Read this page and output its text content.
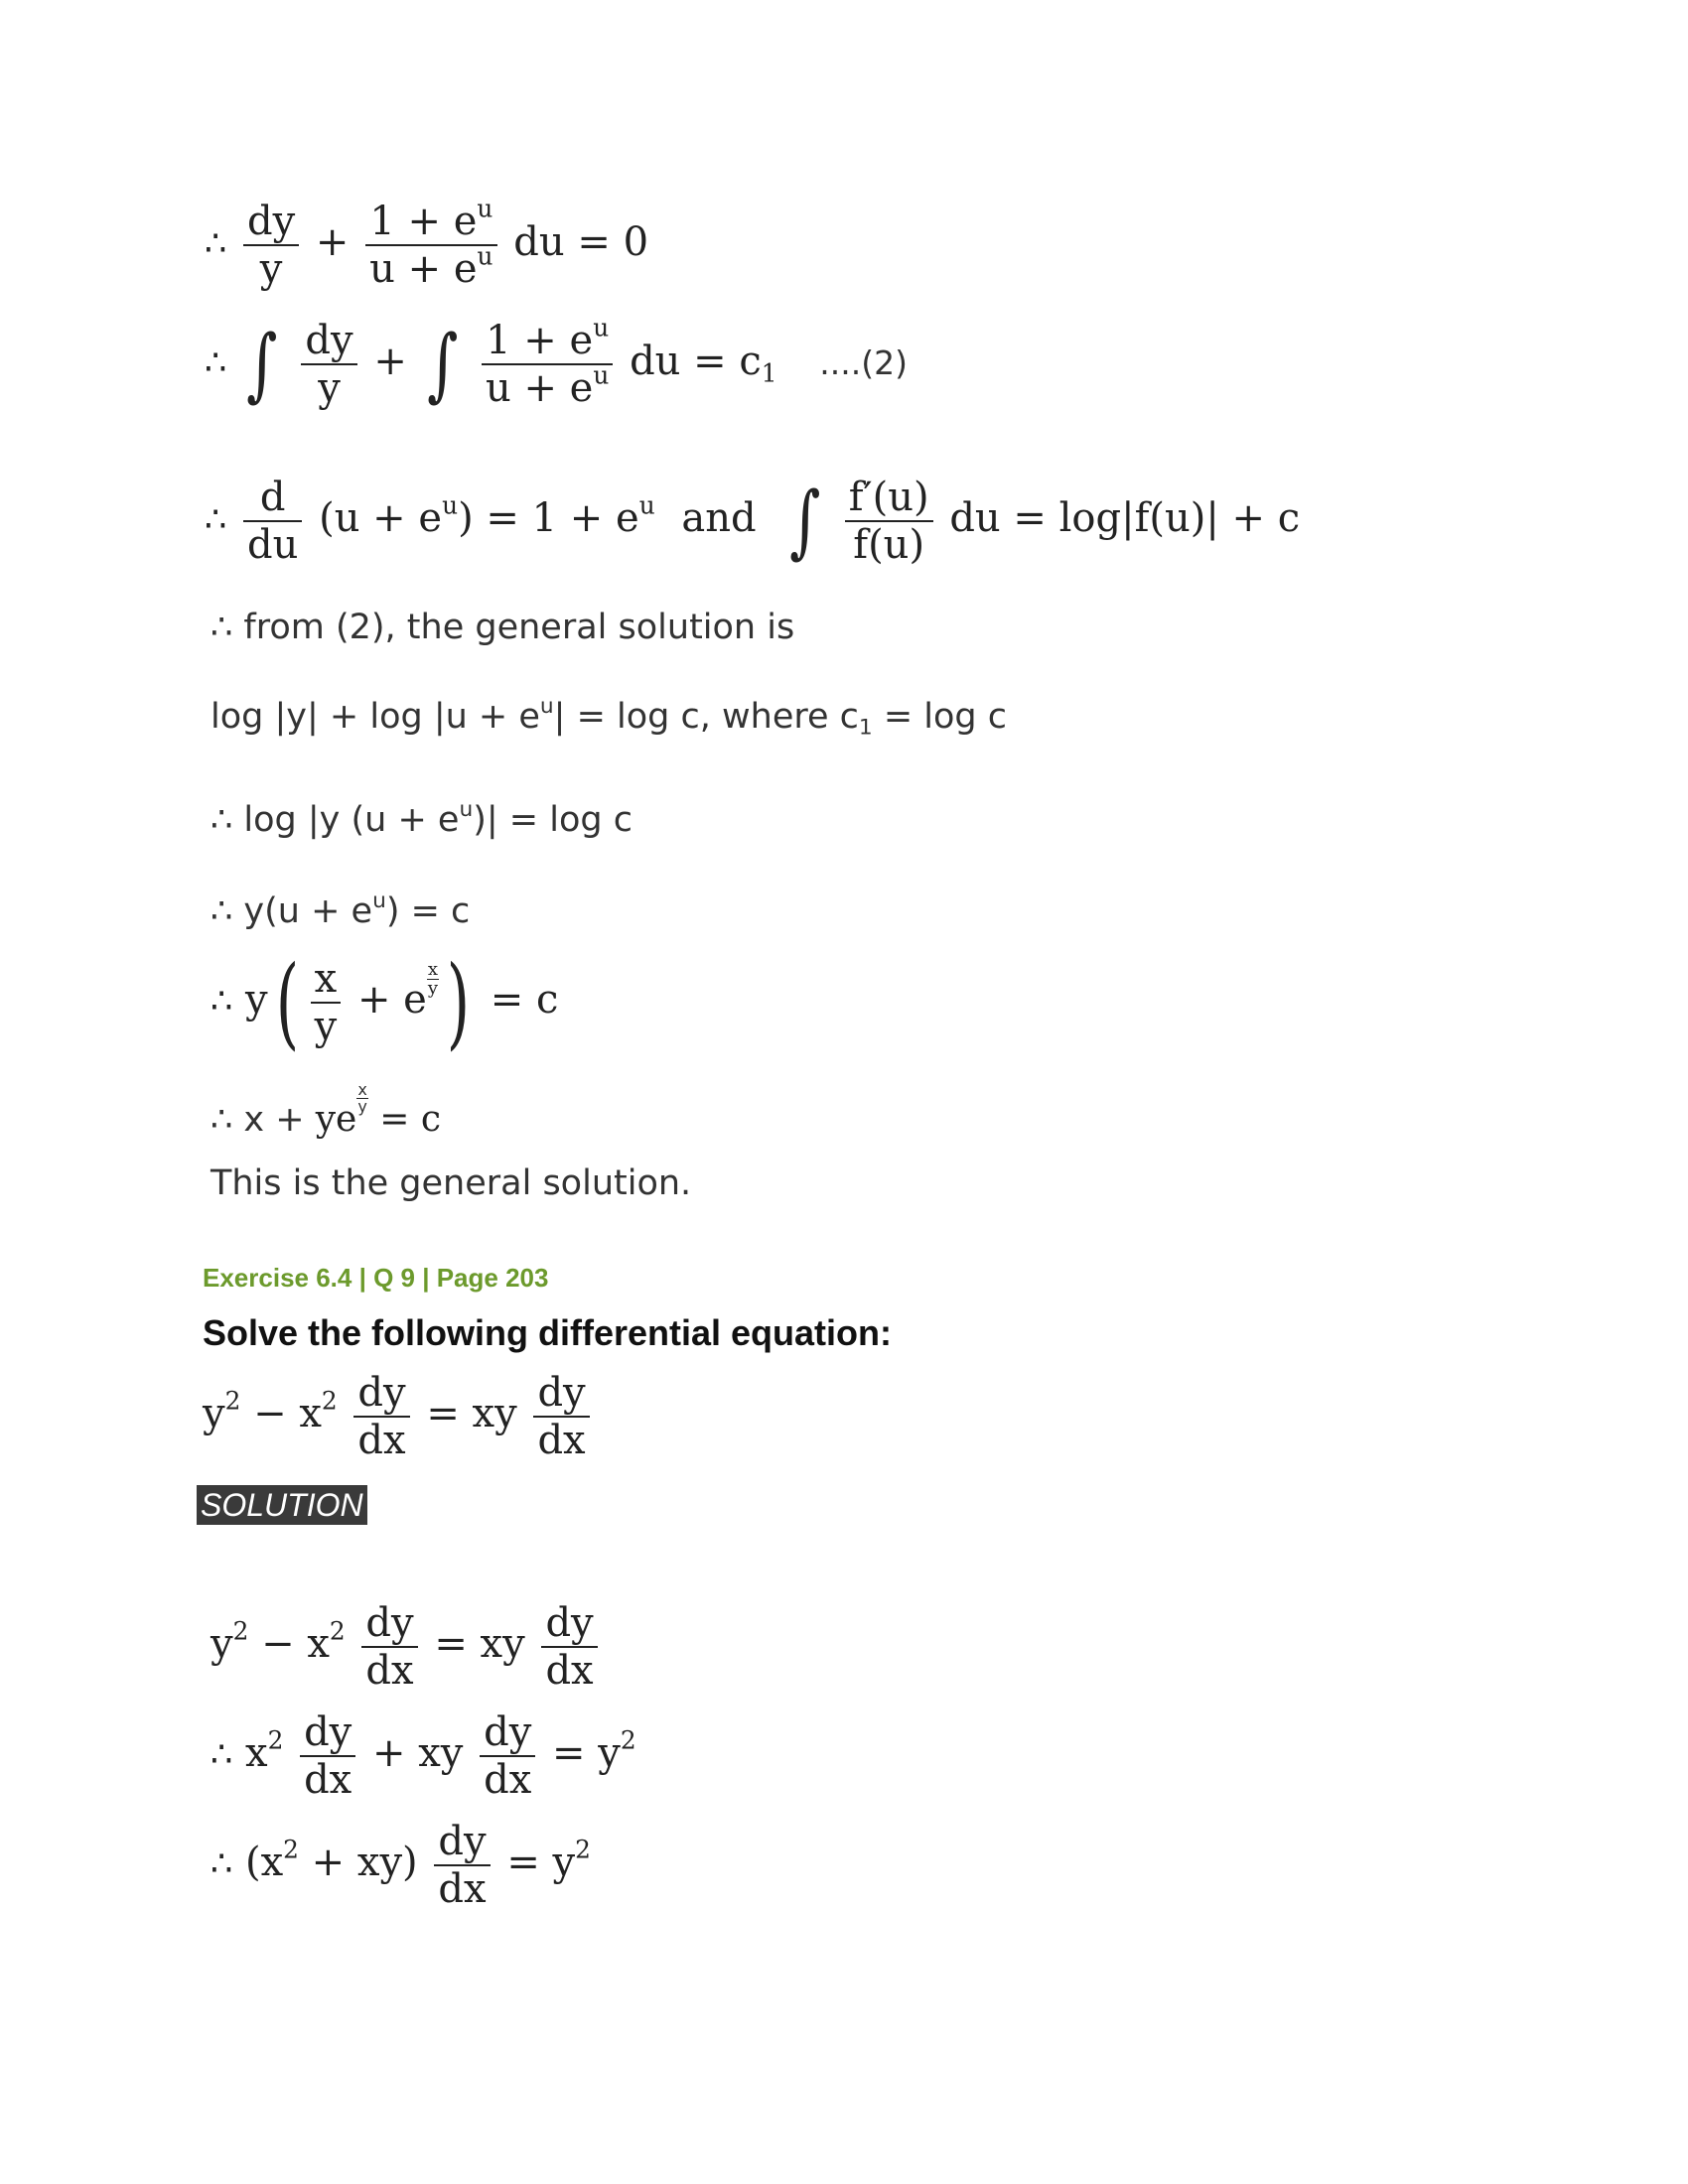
∴ $\frac{dy}{y} + \frac{1 + e^u}{u + e^u}$ du = 0
∴ ∫ $\frac{dy}{y}$ + ∫ $\frac{1 + e^u}{u + e^u}$ du = $c_1$ ....(2)
∴ $\frac{d}{du} (u + e^u) = 1 + e^u$ and ∫ $\frac{f'(u)}{f(u)}$ du = log|f(u)| + c
∴ from (2), the general solution is
$\log |y| + \log |u + e^u| = \log c$, where $c_1 = \log c$
∴ log |y $(u + e^u)| = \log c$
∴ $y(u + e^u) = c$
∴ $y( \frac{x}{y} + e \frac{x}{y}$ ) = c
∴ x + ye
$\frac{x}{y}$
= c
This is the general solution.
Exercise 6.4 | Q 9 | Page 203
Solve the following differential equation:
$y^2 - x^2 \frac{dy}{dx}$ = xy $\frac{dy}{dx}$
SOLUTION
$y^2 - x^2 \frac{dy}{dx}$ = xy $\frac{dy}{dx}$
∴ $x^2 \frac{dy}{dx}$ + xy $\frac{dy}{dx} = y^2$
∴ $(x^2 + xy) \frac{dy}{dx} = y^2$
